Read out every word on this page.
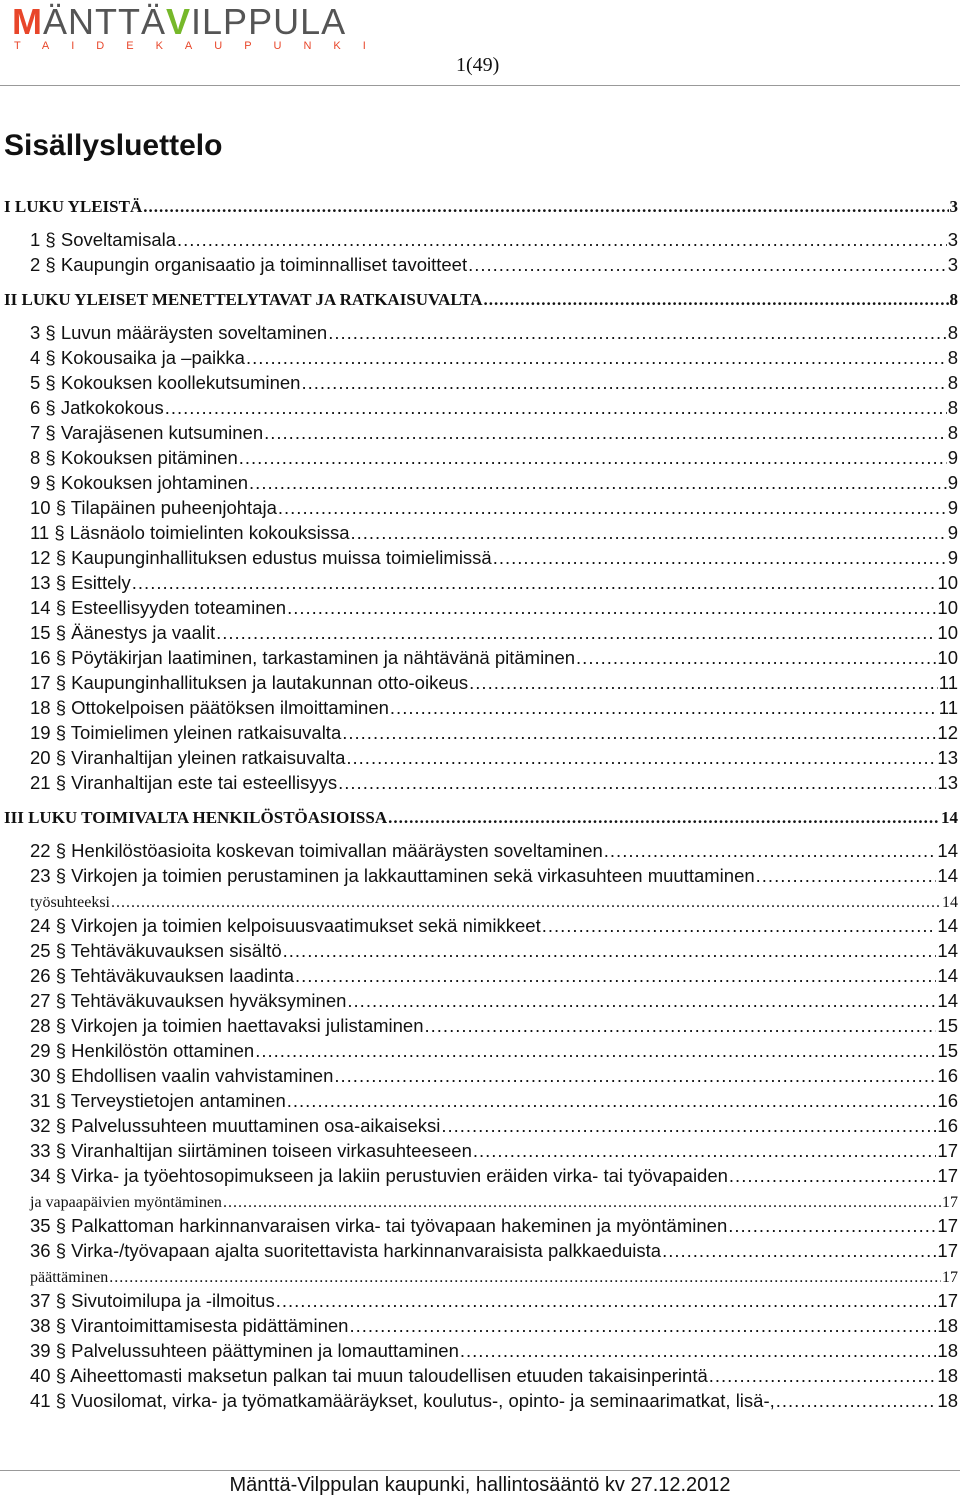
MÄNTTÄVILPPULA
TAIDEKAUPUNKI
1(49)
Sisällysluettelo
I LUKU YLEISTÄ .....	3
1 § Soveltamisala .....	3
2 § Kaupungin organisaatio ja toiminnalliset tavoitteet .....	3
II LUKU YLEISET MENETTELYTAVAT JA RATKAISUVALTA .....	8
3 § Luvun määräysten soveltaminen .....	8
4 § Kokousaika ja –paikka .....	8
5 § Kokouksen koollekutsuminen .....	8
6 § Jatkokokous .....	8
7 § Varajäsenen kutsuminen .....	8
8 § Kokouksen pitäminen .....	9
9 § Kokouksen johtaminen .....	9
10 § Tilapäinen puheenjohtaja .....	9
11 § Läsnäolo toimielinten kokouksissa .....	9
12 § Kaupunginhallituksen edustus muissa toimielimissä .....	9
13 § Esittely .....	10
14 § Esteellisyyden toteaminen .....	10
15 § Äänestys ja vaalit .....	10
16 § Pöytäkirjan laatiminen, tarkastaminen ja nähtävänä pitäminen .....	10
17 § Kaupunginhallituksen ja lautakunnan otto-oikeus .....	11
18 § Ottokelpoisen päätöksen ilmoittaminen .....	11
19 § Toimielimen yleinen ratkaisuvalta .....	12
20 § Viranhaltijan yleinen ratkaisuvalta .....	13
21 § Viranhaltijan este tai esteellisyys .....	13
III LUKU TOIMIVALTA HENKILÖSTÖASIOISSA .....	14
22 § Henkilöstöasioita koskevan toimivallan määräysten soveltaminen .....	14
23 § Virkojen ja toimien perustaminen ja lakkauttaminen sekä virkasuhteen muuttaminen .....	14
työsuhteeksi .....	14
24 § Virkojen ja toimien kelpoisuusvaatimukset sekä nimikkeet .....	14
25 § Tehtäväkuvauksen sisältö .....	14
26 § Tehtäväkuvauksen laadinta .....	14
27 § Tehtäväkuvauksen hyväksyminen .....	14
28 § Virkojen ja toimien haettavaksi julistaminen .....	15
29 § Henkilöstön ottaminen .....	15
30 § Ehdollisen vaalin vahvistaminen .....	16
31 § Terveystietojen antaminen .....	16
32 § Palvelussuhteen muuttaminen osa-aikaiseksi .....	16
33 § Viranhaltijan siirtäminen toiseen virkasuhteeseen .....	17
34 § Virka- ja työehtosopimukseen ja lakiin perustuvien eräiden virka- tai työvapaiden .....	17
ja vapaapäivien myöntäminen .....	17
35 § Palkattoman harkinnanvaraisen virka- tai työvapaan hakeminen ja myöntäminen .....	17
36 § Virka-/työvapaan ajalta suoritettavista harkinnanvaraisista palkkaeduista .....	17
päättäminen .....	17
37 § Sivutoimilupa ja -ilmoitus .....	17
38 § Virantoimittamisesta pidättäminen .....	18
39 § Palvelussuhteen päättyminen ja lomauttaminen .....	18
40 § Aiheettomasti maksetun palkan tai muun taloudellisen etuuden takaisinperintä .....	18
41 § Vuosilomat, virka- ja työmatkamääräykset, koulutus-, opinto- ja seminaarimatkat, lisä-, .....	18
Mänttä-Vilppulan kaupunki, hallintosääntö kv 27.12.2012
